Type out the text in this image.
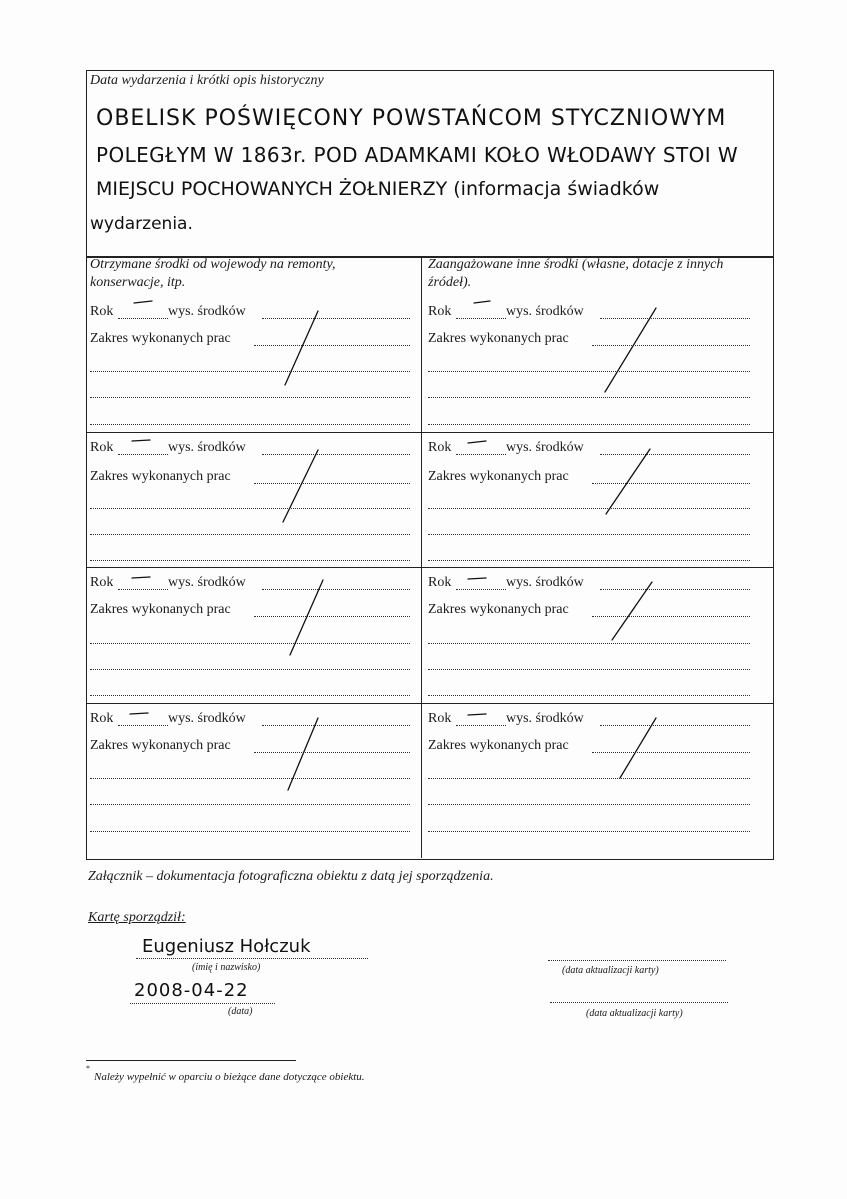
Data wydarzenia i krótki opis historyczny
OBELISK POŚWIĘCONY POWSTAŃCOM STYCZNIOWYM
POLEGŁYM W 1863r. POD ADAMKAMI KOŁO WŁODAWY STOI W
MIEJSCU POCHOWANYCH ŻOŁNIERZY (informacja świadków
wydarzenia.
Otrzymane środki od wojewody na remonty, konserwacje, itp.
Zaangażowane inne środki (własne, dotacje z innych źródeł).
Rok	wys. środków
Zakres wykonanych prac
Rok	wys. środków
Zakres wykonanych prac
Rok	wys. środków
Zakres wykonanych prac
Rok	wys. środków
Zakres wykonanych prac
Rok	wys. środków
Zakres wykonanych prac
Rok	wys. środków
Zakres wykonanych prac
Rok	wys. środków
Zakres wykonanych prac
Rok	wys. środków
Zakres wykonanych prac
Załącznik – dokumentacja fotograficzna obiektu z datą jej sporządzenia.
Kartę sporządził:
Eugeniusz Hołczuk
(imię i nazwisko)	(data aktualizacji karty)
2008-04-22
(data)	(data aktualizacji karty)
*
Należy wypełnić w oparciu o bieżące dane dotyczące obiektu.
